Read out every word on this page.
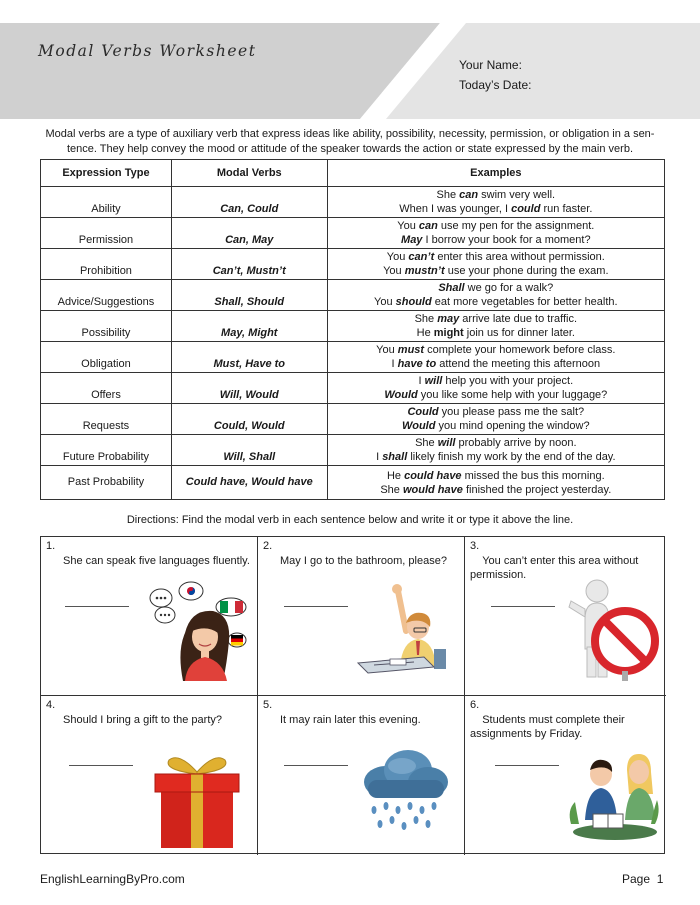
Modal Verbs Worksheet
Your Name:
Today’s Date:
Modal verbs are a type of auxiliary verb that express ideas like ability, possibility, necessity, permission, or obligation in a sen- tence. They help convey the mood or attitude of the speaker towards the action or state expressed by the main verb.
Expression Type	Modal Verbs	Examples
Ability	Can, Could	She can swim very well.
When I was younger, I could run faster.

Permission	Can, May	You can use my pen for the assignment.
May I borrow your book for a moment?

Prohibition	Can’t, Mustn’t	You can’t enter this area without permission.
You mustn’t use your phone during the exam.

Advice/Suggestions	Shall, Should	Shall we go for a walk?
You should eat more vegetables for better health.

Possibility	May, Might	She may arrive late due to traffic.
He might join us for dinner later.

Obligation	Must, Have to	You must complete your homework before class.
I have to attend the meeting this afternoon

Offers	Will, Would	I will help you with your project.
Would you like some help with your luggage?

Requests	Could, Would	Could you please pass me the salt?
Would you mind opening the window?

Future Probability	Will, Shall	She will probably arrive by noon.
I shall likely finish my work by the end of the day.

Past Probability	Could have, Would have	He could have missed the bus this morning.
She would have finished the project yesterday.
Directions: Find the modal verb in each sentence below and write it or type it above the line.
1.
She can speak five languages fluently.
2.
May I go to the bathroom, please?
3.
You can’t enter this area without permission.
4.
Should I bring a gift to the party?
5.
It may rain later this evening.
6.
Students must complete their assignments by Friday.
EnglishLearningByPro.com	Page  1
